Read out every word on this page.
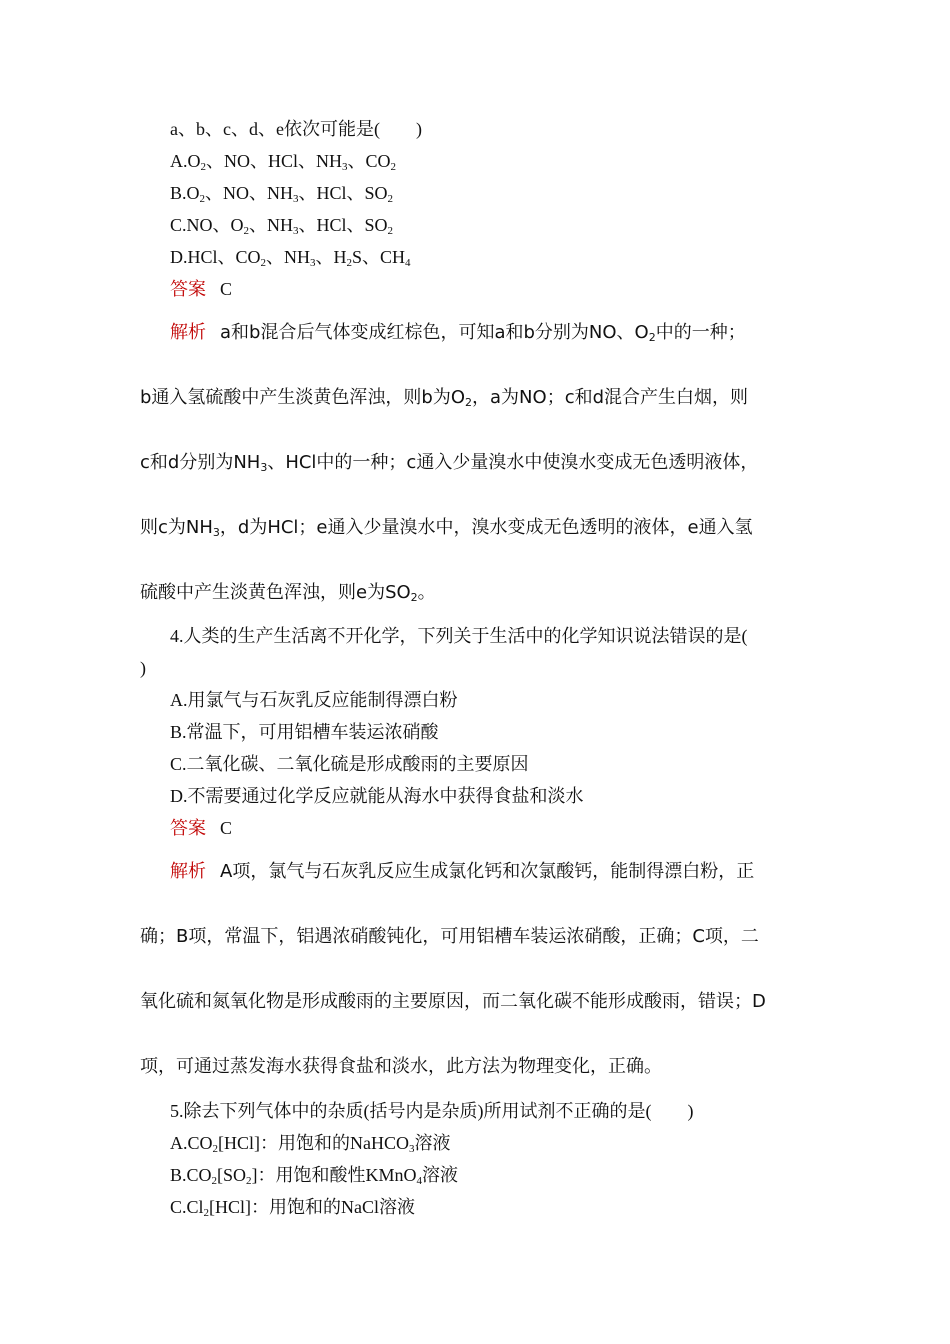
a、b、c、d、e依次可能是(　　)
$A.O_2$、NO、HCl、$NH_3$、$CO_2$
$B.O_2$、NO、$NH_3$、HCl、$SO_2$
C.NO、$O_2$、$NH_3$、HCl、$SO_2$
D.HCl、$CO_2$、$NH_3$、$H_2S$、$CH_4$
答案 C
解析 a和b混合后气体变成红棕色，可知a和b分别为NO、$O_2$中的一种；
b通入氢硫酸中产生淡黄色浑浊，则b为$O_2$，a为NO；c和d混合产生白烟，则
c和d分别为$NH_3$、HCl中的一种；c通入少量溴水中使溴水变成无色透明液体，
则c为$NH_3$，d为HCl；e通入少量溴水中，溴水变成无色透明的液体，e通入氢
硫酸中产生淡黄色浑浊，则e为$SO_2$。
4.人类的生产生活离不开化学，下列关于生活中的化学知识说法错误的是(
)
A.用氯气与石灰乳反应能制得漂白粉
B.常温下，可用铝槽车装运浓硝酸
C.二氧化碳、二氧化硫是形成酸雨的主要原因
D.不需要通过化学反应就能从海水中获得食盐和淡水
答案 C
解析 A项，氯气与石灰乳反应生成氯化钙和次氯酸钙，能制得漂白粉，正
确；B项，常温下，铝遇浓硝酸钝化，可用铝槽车装运浓硝酸，正确；C项，二
氧化硫和氮氧化物是形成酸雨的主要原因，而二氧化碳不能形成酸雨，错误；D
项，可通过蒸发海水获得食盐和淡水，此方法为物理变化，正确。
5.除去下列气体中的杂质(括号内是杂质)所用试剂不正确的是(　　)
$A.CO_2[HCl]$：用饱和的NaHCO$_3$溶液
$B.CO_2[SO_2]$：用饱和酸性KMnO$_4$溶液
$C.Cl_2[HCl]$：用饱和的NaCl溶液
